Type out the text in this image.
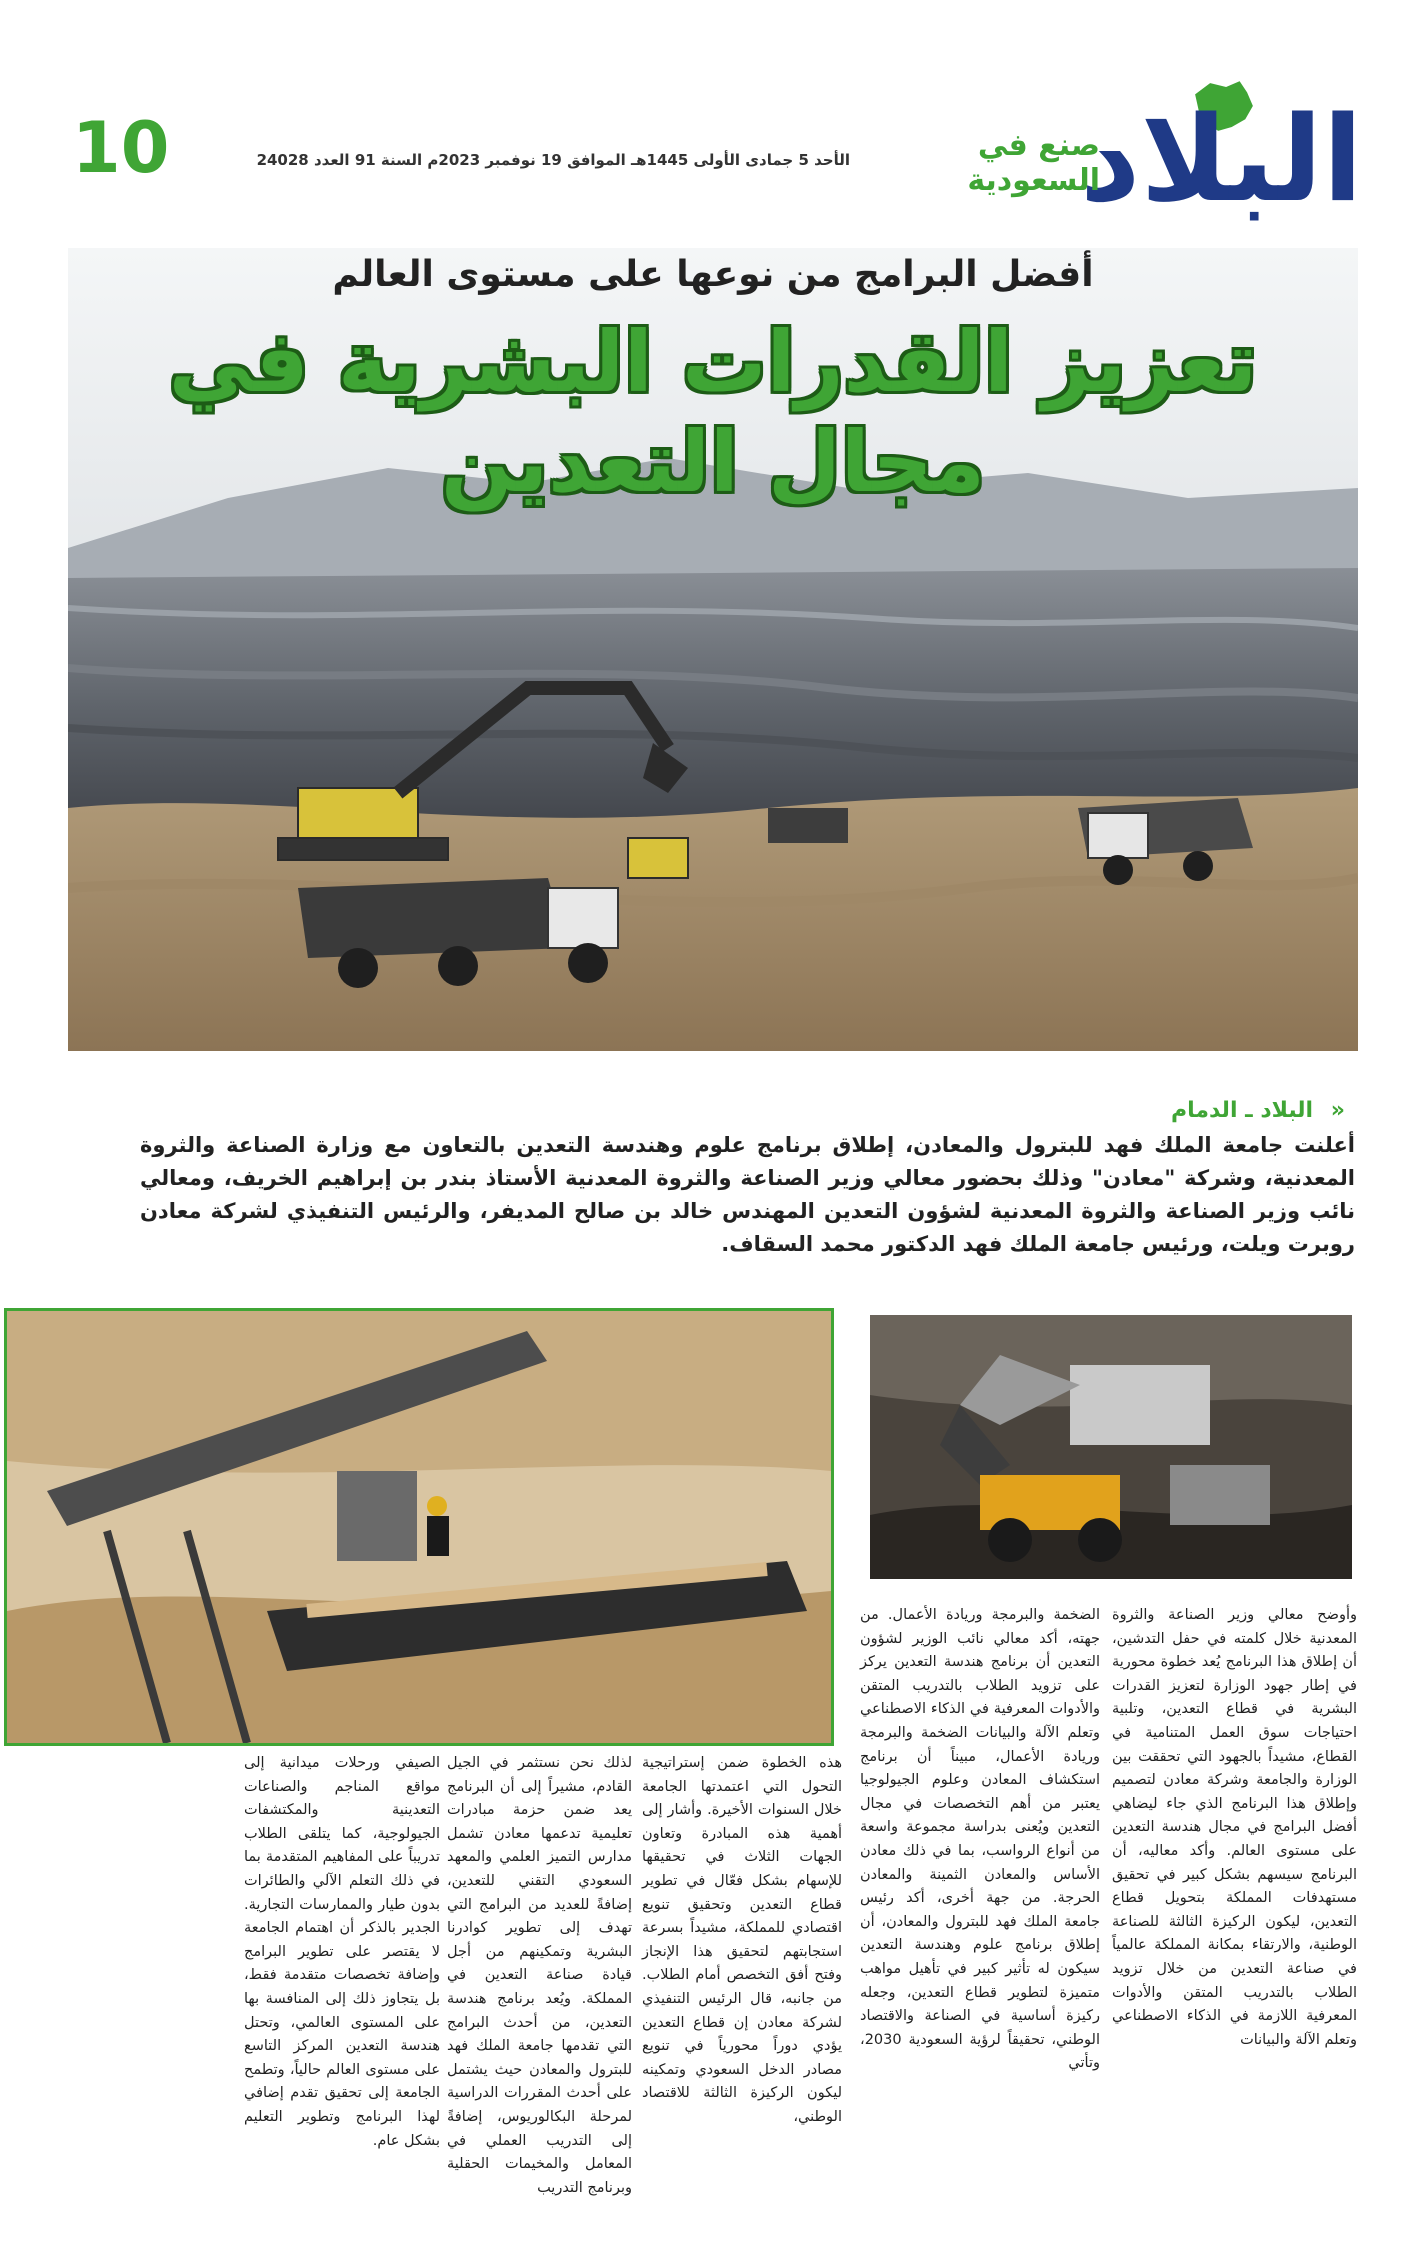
البلاد
صنع في السعودية
الأحد 5 جمادى الأولى 1445هـ الموافق 19 نوفمبر 2023م السنة 91 العدد 24028
10
أفضل البرامج من نوعها على مستوى العالم
تعزيز القدرات البشرية في مجال التعدين
« البلاد ـ الدمام
أعلنت جامعة الملك فهد للبترول والمعادن، إطلاق برنامج علوم وهندسة التعدين بالتعاون مع وزارة الصناعة والثروة المعدنية، وشركة "معادن" وذلك بحضور معالي وزير الصناعة والثروة المعدنية الأستاذ بندر بن إبراهيم الخريف، ومعالي نائب وزير الصناعة والثروة المعدنية لشؤون التعدين المهندس خالد بن صالح المديفر، والرئيس التنفيذي لشركة معادن روبرت ويلت، ورئيس جامعة الملك فهد الدكتور محمد السقاف.

وأوضح معالي وزير الصناعة والثروة المعدنية خلال كلمته في حفل التدشين، أن إطلاق هذا البرنامج يُعد خطوة محورية في إطار جهود الوزارة لتعزيز القدرات البشرية في قطاع التعدين، وتلبية احتياجات سوق العمل المتنامية في القطاع، مشيداً بالجهود التي تحققت بين الوزارة والجامعة وشركة معادن لتصميم وإطلاق هذا البرنامج الذي جاء ليضاهي أفضل البرامج في مجال هندسة التعدين على مستوى العالم. وأكد معاليه، أن البرنامج سيسهم بشكل كبير في تحقيق مستهدفات المملكة بتحويل قطاع التعدين، ليكون الركيزة الثالثة للصناعة الوطنية، والارتقاء بمكانة المملكة عالمياً في صناعة التعدين من خلال تزويد الطلاب بالتدريب المتقن والأدوات المعرفية اللازمة في الذكاء الاصطناعي وتعلم الآلة والبيانات

الضخمة والبرمجة وريادة الأعمال. من جهته، أكد معالي نائب الوزير لشؤون التعدين أن برنامج هندسة التعدين يركز على تزويد الطلاب بالتدريب المتقن والأدوات المعرفية في الذكاء الاصطناعي وتعلم الآلة والبيانات الضخمة والبرمجة وريادة الأعمال، مبيناً أن برنامج استكشاف المعادن وعلوم الجيولوجيا يعتبر من أهم التخصصات في مجال التعدين ويُعنى بدراسة مجموعة واسعة من أنواع الرواسب، بما في ذلك معادن الأساس والمعادن الثمينة والمعادن الحرجة. من جهة أخرى، أكد رئيس جامعة الملك فهد للبترول والمعادن، أن إطلاق برنامج علوم وهندسة التعدين سيكون له تأثير كبير في تأهيل مواهب متميزة لتطوير قطاع التعدين، وجعله ركيزة أساسية في الصناعة والاقتصاد الوطني، تحقيقاً لرؤية السعودية 2030، وتأتي

هذه الخطوة ضمن إستراتيجية التحول التي اعتمدتها الجامعة خلال السنوات الأخيرة. وأشار إلى أهمية هذه المبادرة وتعاون الجهات الثلاث في تحقيقها للإسهام بشكل فعّال في تطوير قطاع التعدين وتحقيق تنويع اقتصادي للمملكة، مشيداً بسرعة استجابتهم لتحقيق هذا الإنجاز وفتح أفق التخصص أمام الطلاب. من جانبه، قال الرئيس التنفيذي لشركة معادن إن قطاع التعدين يؤدي دوراً محورياً في تنويع مصادر الدخل السعودي وتمكينه ليكون الركيزة الثالثة للاقتصاد الوطني،

لذلك نحن نستثمر في الجيل القادم، مشيراً إلى أن البرنامج يعد ضمن حزمة مبادرات تعليمية تدعمها معادن تشمل مدارس التميز العلمي والمعهد السعودي التقني للتعدين، إضافةً للعديد من البرامج التي تهدف إلى تطوير كوادرنا البشرية وتمكينهم من أجل قيادة صناعة التعدين في المملكة. ويُعد برنامج هندسة التعدين، من أحدث البرامج التي تقدمها جامعة الملك فهد للبترول والمعادن حيث يشتمل على أحدث المقررات الدراسية لمرحلة البكالوريوس، إضافةً إلى التدريب العملي في المعامل والمخيمات الحقلية وبرنامج التدريب

الصيفي ورحلات ميدانية إلى مواقع المناجم والصناعات التعدينية والمكتشفات الجيولوجية، كما يتلقى الطلاب تدريباً على المفاهيم المتقدمة بما في ذلك التعلم الآلي والطائرات بدون طيار والممارسات التجارية. الجدير بالذكر أن اهتمام الجامعة لا يقتصر على تطوير البرامج وإضافة تخصصات متقدمة فقط، بل يتجاوز ذلك إلى المنافسة بها على المستوى العالمي، وتحتل هندسة التعدين المركز التاسع على مستوى العالم حالياً، وتطمح الجامعة إلى تحقيق تقدم إضافي لهذا البرنامج وتطوير التعليم بشكل عام.
